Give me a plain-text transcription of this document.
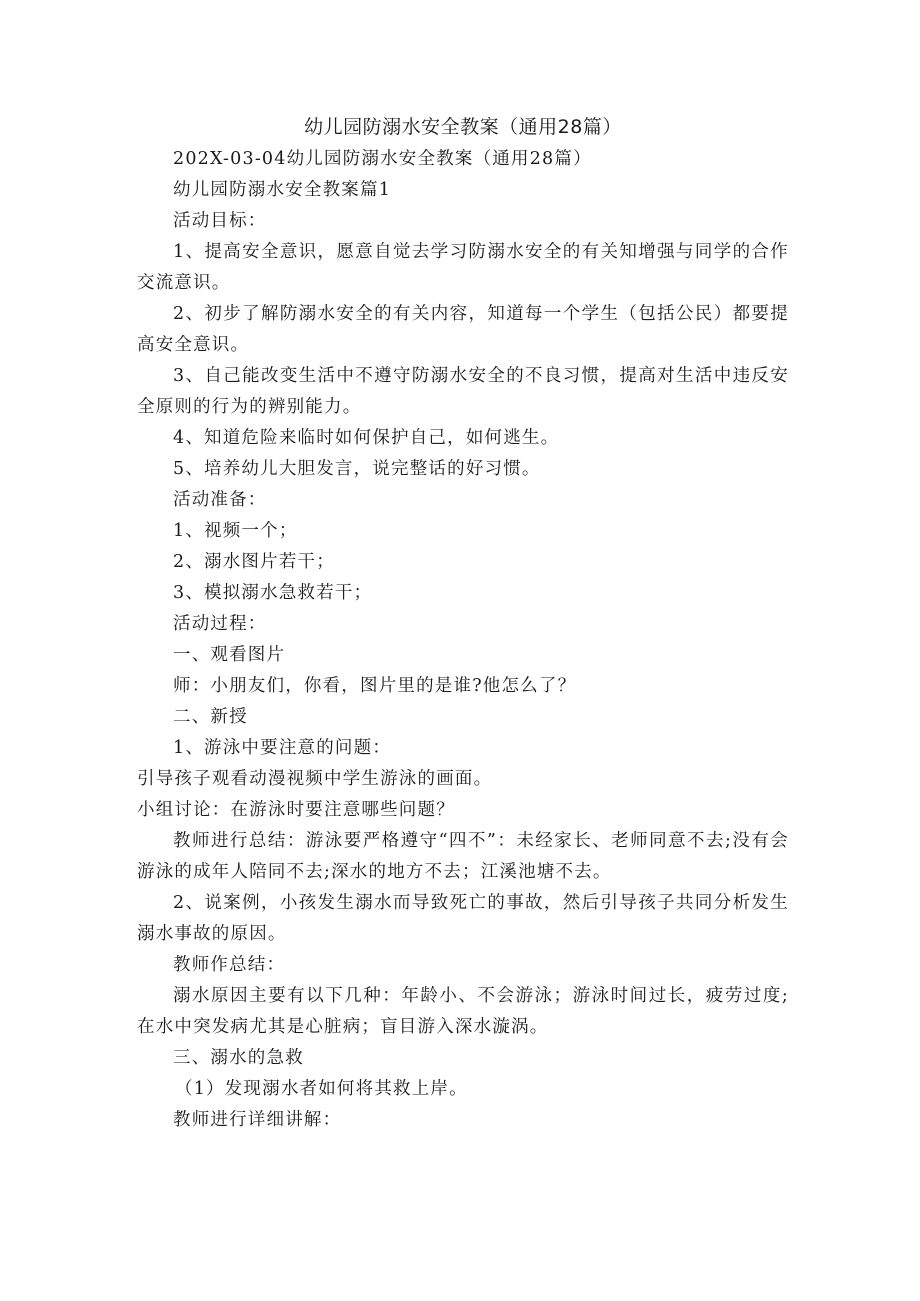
幼儿园防溺水安全教案（通用28篇）

202X-03-04幼儿园防溺水安全教案（通用28篇）

幼儿园防溺水安全教案篇1

活动目标：

1、提高安全意识，愿意自觉去学习防溺水安全的有关知增强与同学的合作交流意识。

2、初步了解防溺水安全的有关内容，知道每一个学生（包括公民）都要提高安全意识。

3、自己能改变生活中不遵守防溺水安全的不良习惯，提高对生活中违反安全原则的行为的辨别能力。

4、知道危险来临时如何保护自己，如何逃生。

5、培养幼儿大胆发言，说完整话的好习惯。

活动准备：

1、视频一个；

2、溺水图片若干；

3、模拟溺水急救若干；

活动过程：

一、观看图片

师：小朋友们，你看，图片里的是谁?他怎么了？

二、新授

1、游泳中要注意的问题：

引导孩子观看动漫视频中学生游泳的画面。

小组讨论：在游泳时要注意哪些问题？

教师进行总结：游泳要严格遵守“四不”：未经家长、老师同意不去;没有会游泳的成年人陪同不去;深水的地方不去；江溪池塘不去。

2、说案例，小孩发生溺水而导致死亡的事故，然后引导孩子共同分析发生溺水事故的原因。

教师作总结：

溺水原因主要有以下几种：年龄小、不会游泳；游泳时间过长，疲劳过度;在水中突发病尤其是心脏病；盲目游入深水漩涡。

三、溺水的急救

（1）发现溺水者如何将其救上岸。

教师进行详细讲解：
